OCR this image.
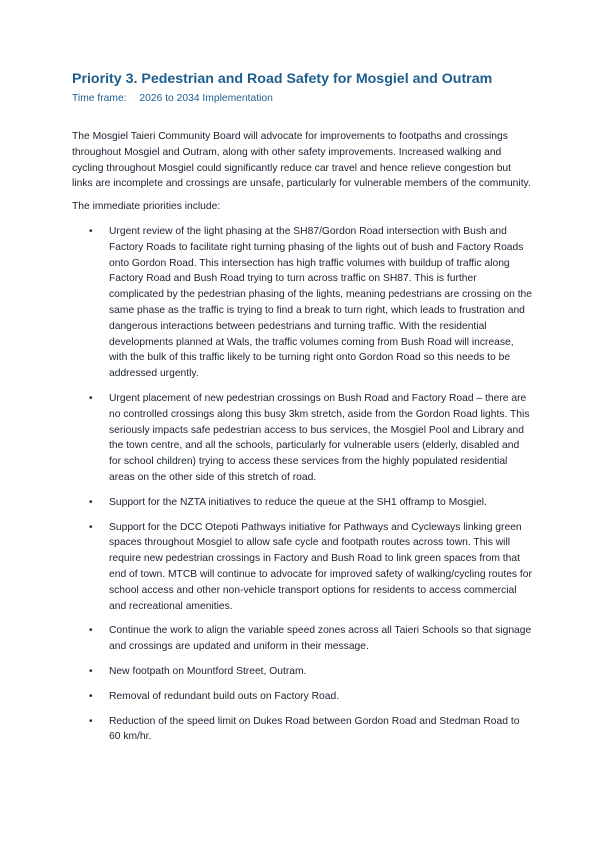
Priority 3. Pedestrian and Road Safety for Mosgiel and Outram

Time frame: 2026 to 2034 Implementation

The Mosgiel Taieri Community Board will advocate for improvements to footpaths and crossings throughout Mosgiel and Outram, along with other safety improvements. Increased walking and cycling throughout Mosgiel could significantly reduce car travel and hence relieve congestion but links are incomplete and crossings are unsafe, particularly for vulnerable members of the community.

The immediate priorities include:

• Urgent review of the light phasing at the SH87/Gordon Road intersection with Bush and Factory Roads to facilitate right turning phasing of the lights out of bush and Factory Roads onto Gordon Road. This intersection has high traffic volumes with buildup of traffic along Factory Road and Bush Road trying to turn across traffic on SH87. This is further complicated by the pedestrian phasing of the lights, meaning pedestrians are crossing on the same phase as the traffic is trying to find a break to turn right, which leads to frustration and dangerous interactions between pedestrians and turning traffic. With the residential developments planned at Wals, the traffic volumes coming from Bush Road will increase, with the bulk of this traffic likely to be turning right onto Gordon Road so this needs to be addressed urgently.
• Urgent placement of new pedestrian crossings on Bush Road and Factory Road – there are no controlled crossings along this busy 3km stretch, aside from the Gordon Road lights. This seriously impacts safe pedestrian access to bus services, the Mosgiel Pool and Library and the town centre, and all the schools, particularly for vulnerable users (elderly, disabled and for school children) trying to access these services from the highly populated residential areas on the other side of this stretch of road.
• Support for the NZTA initiatives to reduce the queue at the SH1 offramp to Mosgiel.
• Support for the DCC Otepoti Pathways initiative for Pathways and Cycleways linking green spaces throughout Mosgiel to allow safe cycle and footpath routes across town. This will require new pedestrian crossings in Factory and Bush Road to link green spaces from that end of town. MTCB will continue to advocate for improved safety of walking/cycling routes for school access and other non-vehicle transport options for residents to access commercial and recreational amenities.
• Continue the work to align the variable speed zones across all Taieri Schools so that signage and crossings are updated and uniform in their message.
• New footpath on Mountford Street, Outram.
• Removal of redundant build outs on Factory Road.
• Reduction of the speed limit on Dukes Road between Gordon Road and Stedman Road to 60 km/hr.
